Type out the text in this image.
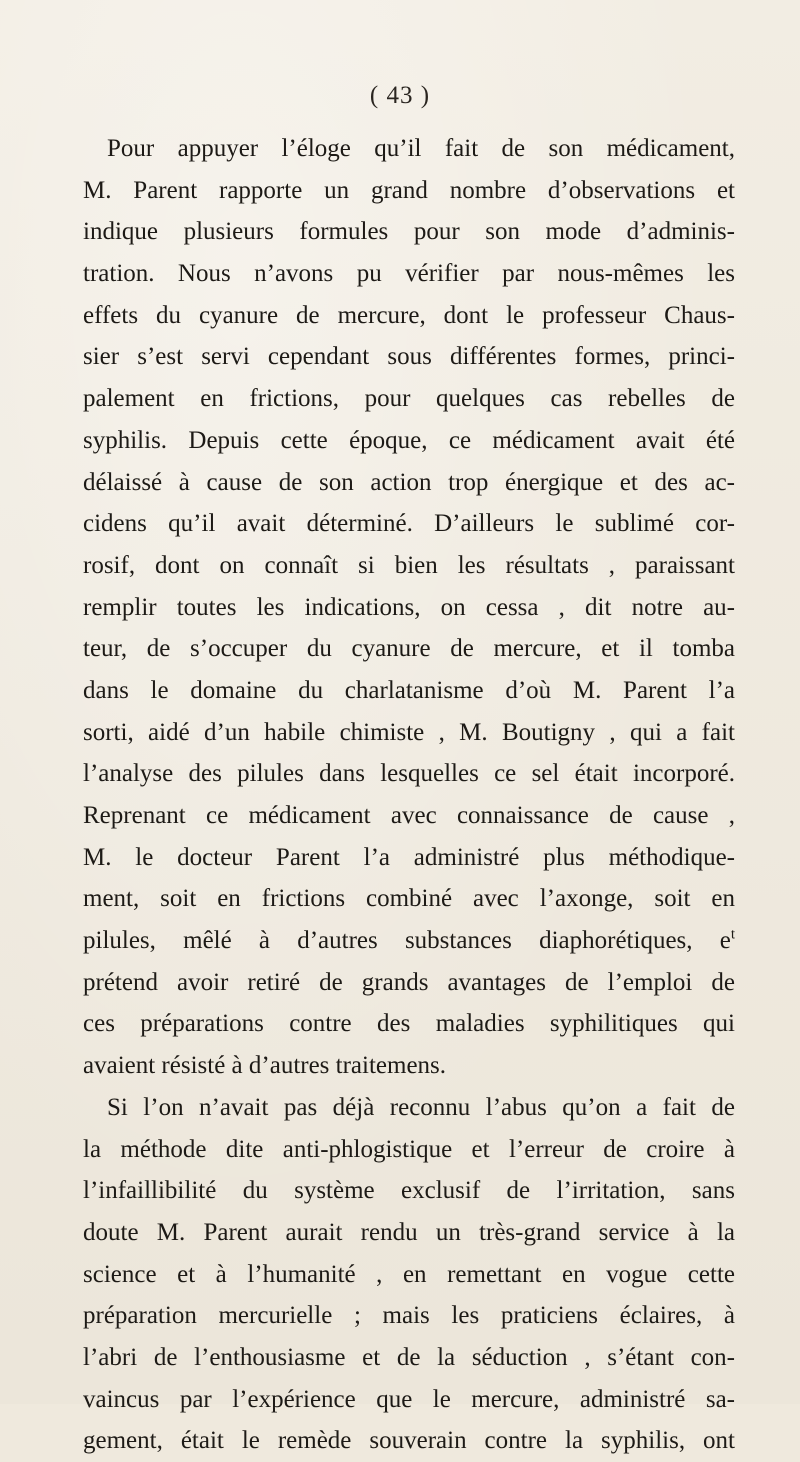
( 43 )
Pour appuyer l’éloge qu’il fait de son médicament,
M. Parent rapporte un grand nombre d’observations et
indique plusieurs formules pour son mode d’adminis-
tration. Nous n’avons pu vérifier par nous-mêmes les
effets du cyanure de mercure, dont le professeur Chaus-
sier s’est servi cependant sous différentes formes, princi-
palement en frictions, pour quelques cas rebelles de
syphilis. Depuis cette époque, ce médicament avait été
délaissé à cause de son action trop énergique et des ac-
cidens qu’il avait déterminé. D’ailleurs le sublimé cor-
rosif, dont on connaît si bien les résultats , paraissant
remplir toutes les indications, on cessa , dit notre au-
teur, de s’occuper du cyanure de mercure, et il tomba
dans le domaine du charlatanisme d’où M. Parent l’a
sorti, aidé d’un habile chimiste , M. Boutigny , qui a fait
l’analyse des pilules dans lesquelles ce sel était incorporé.
Reprenant ce médicament avec connaissance de cause ,
M. le docteur Parent l’a administré plus méthodique-
ment, soit en frictions combiné avec l’axonge, soit en
pilules, mêlé à d’autres substances diaphorétiques, $e^t$
prétend avoir retiré de grands avantages de l’emploi de
ces préparations contre des maladies syphilitiques qui
avaient résisté à d’autres traitemens.
Si l’on n’avait pas déjà reconnu l’abus qu’on a fait de
la méthode dite anti-phlogistique et l’erreur de croire à
l’infaillibilité du système exclusif de l’irritation, sans
doute M. Parent aurait rendu un très-grand service à la
science et à l’humanité , en remettant en vogue cette
préparation mercurielle ; mais les praticiens éclaires, à
l’abri de l’enthousiasme et de la séduction , s’étant con-
vaincus par l’expérience que le mercure, administré sa-
gement, était le remède souverain contre la syphilis, ont
